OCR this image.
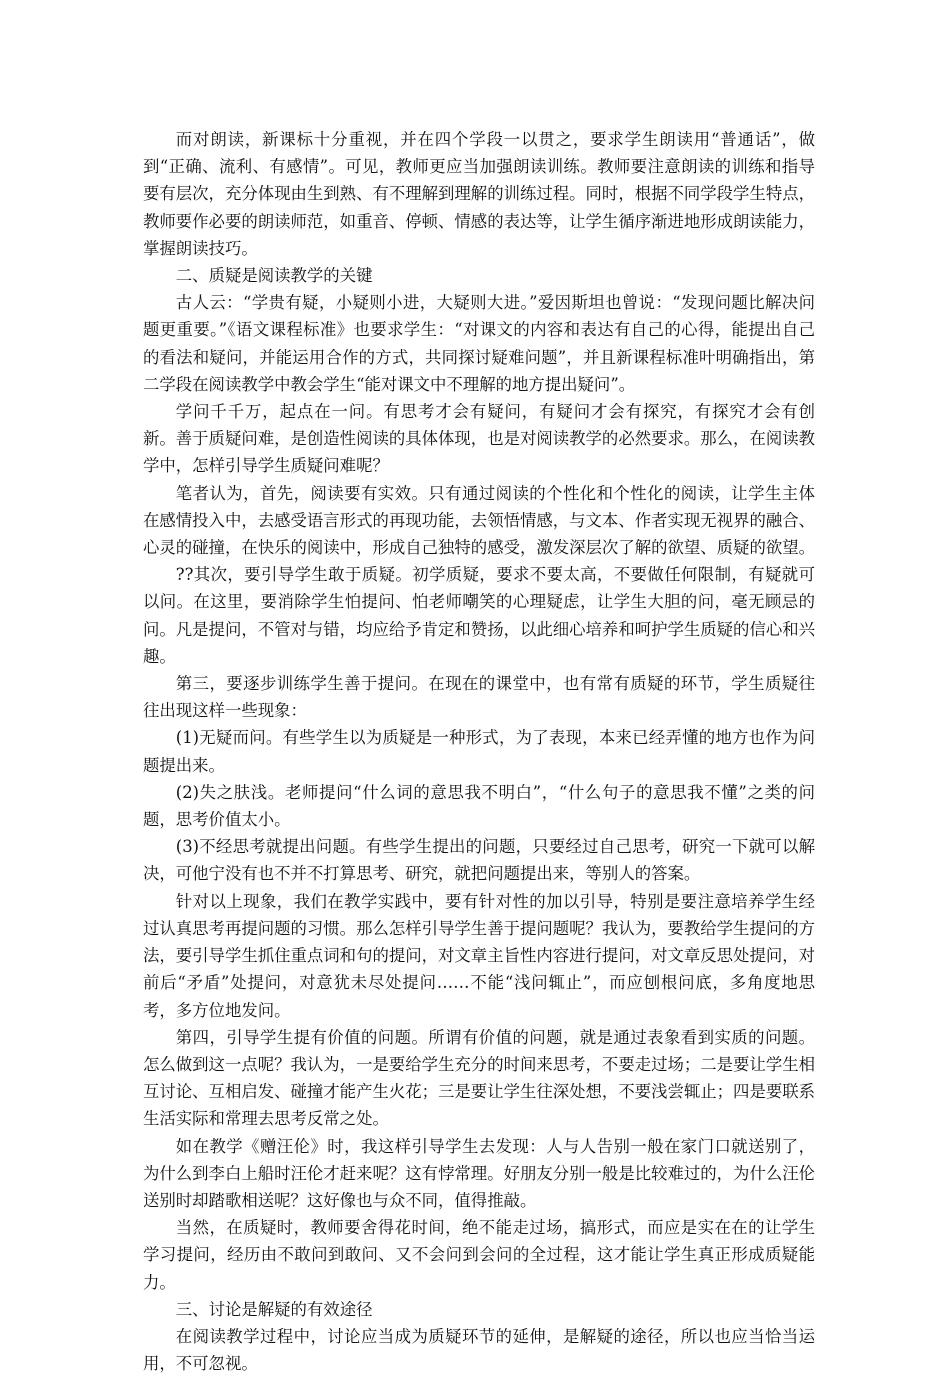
而对朗读，新课标十分重视，并在四个学段一以贯之，要求学生朗读用“普通话”，做到“正确、流利、有感情”。可见，教师更应当加强朗读训练。教师要注意朗读的训练和指导要有层次，充分体现由生到熟、有不理解到理解的训练过程。同时，根据不同学段学生特点，教师要作必要的朗读师范，如重音、停顿、情感的表达等，让学生循序渐进地形成朗读能力，掌握朗读技巧。

二、质疑是阅读教学的关键

古人云：“学贵有疑，小疑则小进，大疑则大进。”爱因斯坦也曾说：“发现问题比解决问题更重要。”《语文课程标准》也要求学生：“对课文的内容和表达有自己的心得，能提出自己的看法和疑问，并能运用合作的方式，共同探讨疑难问题”，并且新课程标准叶明确指出，第二学段在阅读教学中教会学生“能对课文中不理解的地方提出疑问”。

学问千千万，起点在一问。有思考才会有疑问，有疑问才会有探究，有探究才会有创新。善于质疑问难，是创造性阅读的具体体现，也是对阅读教学的必然要求。那么，在阅读教学中，怎样引导学生质疑问难呢？

笔者认为，首先，阅读要有实效。只有通过阅读的个性化和个性化的阅读，让学生主体在感情投入中，去感受语言形式的再现功能，去领悟情感，与文本、作者实现无视界的融合、心灵的碰撞，在快乐的阅读中，形成自己独特的感受，激发深层次了解的欲望、质疑的欲望。

??其次，要引导学生敢于质疑。初学质疑，要求不要太高，不要做任何限制，有疑就可以问。在这里，要消除学生怕提问、怕老师嘲笑的心理疑虑，让学生大胆的问，毫无顾忌的问。凡是提问，不管对与错，均应给予肯定和赞扬，以此细心培养和呵护学生质疑的信心和兴趣。

第三，要逐步训练学生善于提问。在现在的课堂中，也有常有质疑的环节，学生质疑往往出现这样一些现象：

(1)无疑而问。有些学生以为质疑是一种形式，为了表现，本来已经弄懂的地方也作为问题提出来。

(2)失之肤浅。老师提问“什么词的意思我不明白”，“什么句子的意思我不懂”之类的问题，思考价值太小。

(3)不经思考就提出问题。有些学生提出的问题，只要经过自己思考，研究一下就可以解决，可他宁没有也不并不打算思考、研究，就把问题提出来，等别人的答案。

针对以上现象，我们在教学实践中，要有针对性的加以引导，特别是要注意培养学生经过认真思考再提问题的习惯。那么怎样引导学生善于提问题呢？我认为，要教给学生提问的方法，要引导学生抓住重点词和句的提问，对文章主旨性内容进行提问，对文章反思处提问，对前后“矛盾”处提问，对意犹未尽处提问……不能“浅问辄止”，而应刨根问底，多角度地思考，多方位地发问。

第四，引导学生提有价值的问题。所谓有价值的问题，就是通过表象看到实质的问题。怎么做到这一点呢？我认为，一是要给学生充分的时间来思考，不要走过场；二是要让学生相互讨论、互相启发、碰撞才能产生火花；三是要让学生往深处想，不要浅尝辄止；四是要联系生活实际和常理去思考反常之处。

如在教学《赠汪伦》时，我这样引导学生去发现：人与人告别一般在家门口就送别了，为什么到李白上船时汪伦才赶来呢？这有悖常理。好朋友分别一般是比较难过的，为什么汪伦送别时却踏歌相送呢？这好像也与众不同，值得推敲。

当然，在质疑时，教师要舍得花时间，绝不能走过场，搞形式，而应是实在在的让学生学习提问，经历由不敢问到敢问、又不会问到会问的全过程，这才能让学生真正形成质疑能力。

三、讨论是解疑的有效途径

在阅读教学过程中，讨论应当成为质疑环节的延伸，是解疑的途径，所以也应当恰当运用，不可忽视。
